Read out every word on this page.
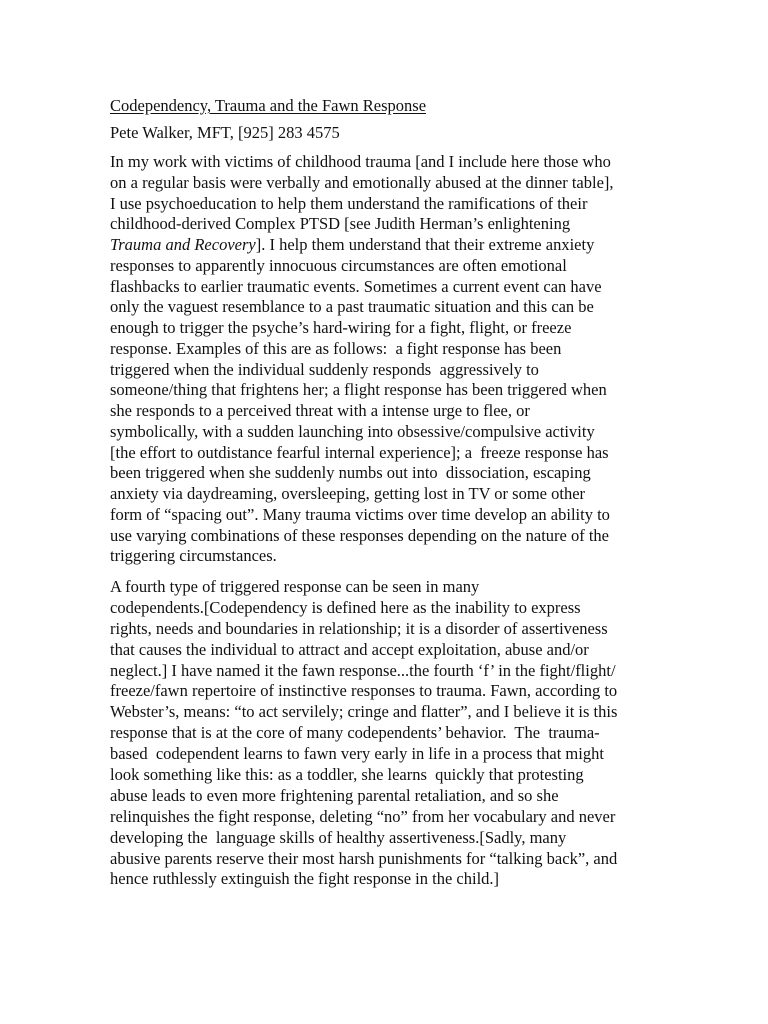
Codependency, Trauma and the Fawn Response

Pete Walker, MFT, [925] 283 4575

In my work with victims of childhood trauma [and I include here those who
on a regular basis were verbally and emotionally abused at the dinner table],
I use psychoeducation to help them understand the ramifications of their
childhood-derived Complex PTSD [see Judith Herman’s enlightening
Trauma and Recovery]. I help them understand that their extreme anxiety
responses to apparently innocuous circumstances are often emotional
flashbacks to earlier traumatic events. Sometimes a current event can have
only the vaguest resemblance to a past traumatic situation and this can be
enough to trigger the psyche’s hard-wiring for a fight, flight, or freeze
response. Examples of this are as follows:  a fight response has been
triggered when the individual suddenly responds  aggressively to
someone/thing that frightens her; a flight response has been triggered when
she responds to a perceived threat with a intense urge to flee, or
symbolically, with a sudden launching into obsessive/compulsive activity
[the effort to outdistance fearful internal experience]; a  freeze response has
been triggered when she suddenly numbs out into  dissociation, escaping
anxiety via daydreaming, oversleeping, getting lost in TV or some other
form of “spacing out”. Many trauma victims over time develop an ability to
use varying combinations of these responses depending on the nature of the
triggering circumstances.
A fourth type of triggered response can be seen in many
codependents.[Codependency is defined here as the inability to express
rights, needs and boundaries in relationship; it is a disorder of assertiveness
that causes the individual to attract and accept exploitation, abuse and/or
neglect.] I have named it the fawn response...the fourth ‘f’ in the fight/flight/
freeze/fawn repertoire of instinctive responses to trauma. Fawn, according to
Webster’s, means: “to act servilely; cringe and flatter”, and I believe it is this
response that is at the core of many codependents’ behavior.  The  trauma-
based  codependent learns to fawn very early in life in a process that might
look something like this: as a toddler, she learns  quickly that protesting
abuse leads to even more frightening parental retaliation, and so she
relinquishes the fight response, deleting “no” from her vocabulary and never
developing the  language skills of healthy assertiveness.[Sadly, many
abusive parents reserve their most harsh punishments for “talking back”, and
hence ruthlessly extinguish the fight response in the child.]
